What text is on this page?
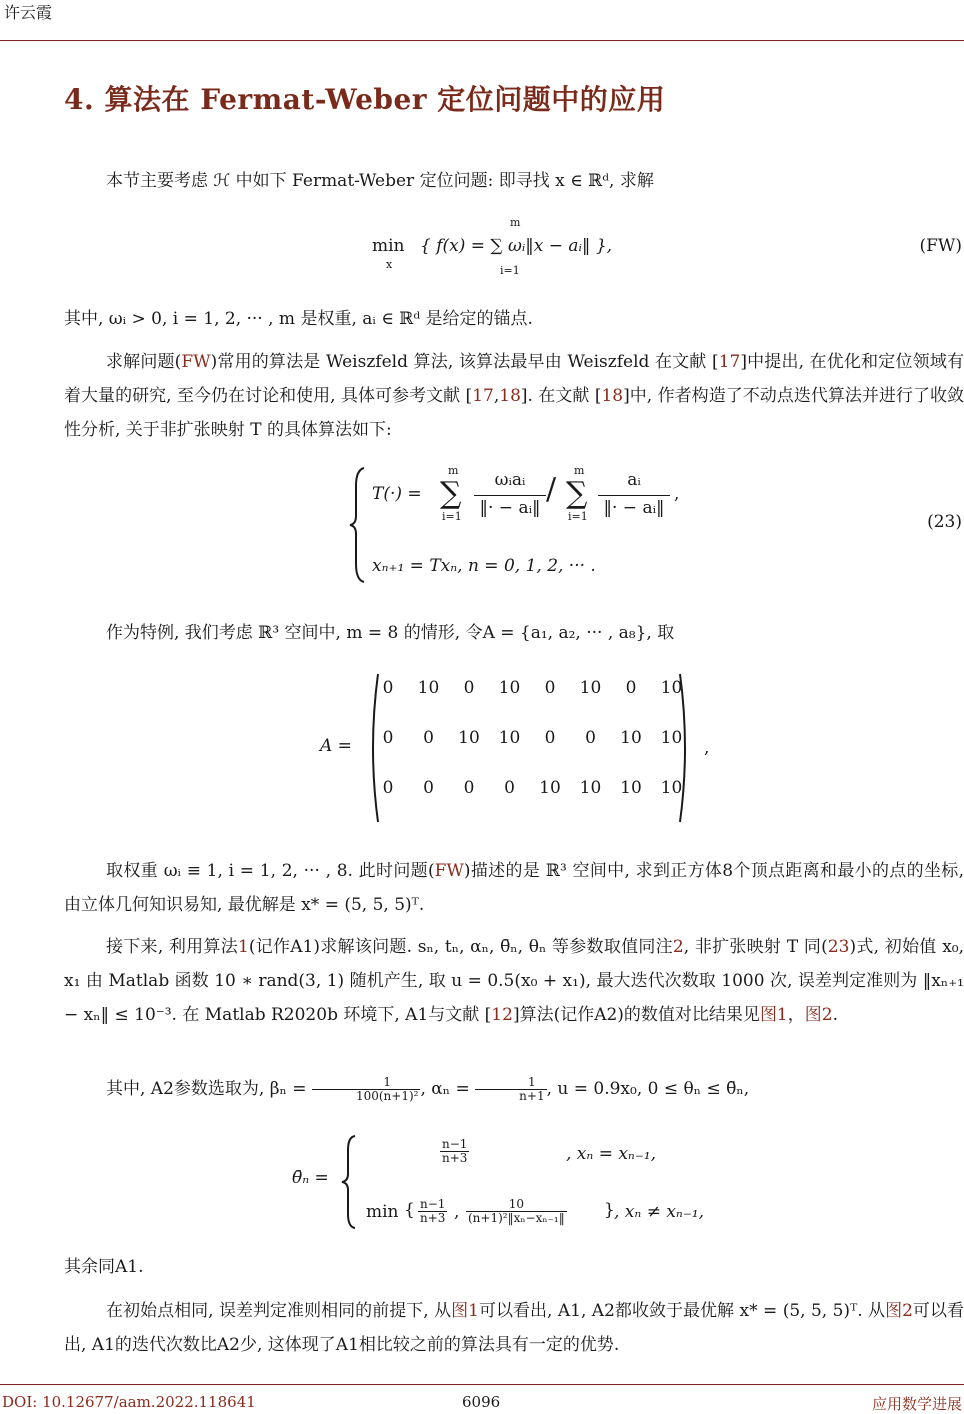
许云霞
4. 算法在 Fermat-Weber 定位问题中的应用
本节主要考虑 ℋ 中如下 Fermat-Weber 定位问题: 即寻找 x ∈ ℝᵈ, 求解
min
x
{ f(x) = ∑ ωᵢ‖x − aᵢ‖ },
m
i=1
(FW)
其中, ωᵢ > 0, i = 1, 2, ··· , m 是权重, aᵢ ∈ ℝᵈ 是给定的锚点.
求解问题(FW)常用的算法是 Weiszfeld 算法, 该算法最早由 Weiszfeld 在文献 [17]中提出, 在优化和定位领域有着大量的研究, 至今仍在讨论和使用, 具体可参考文献 [17,18]. 在文献 [18]中, 作者构造了不动点迭代算法并进行了收敛性分析, 关于非扩张映射 T 的具体算法如下:
T(·) = ∑
m
i=1
ωᵢaᵢ
‖· − aᵢ‖
∕ ∑
m
i=1
aᵢ
‖· − aᵢ‖
,
xₙ₊₁ = Txₙ, n = 0, 1, 2, ··· .
(23)
作为特例, 我们考虑 ℝ³ 空间中, m = 8 的情形, 令A = {a₁, a₂, ··· , a₈}, 取
A =
0	10	0	10	0	10	0	10
0	0	10	10	0	0	10	10
0	0	0	0	10	10	10	10
,
取权重 ωᵢ ≡ 1, i = 1, 2, ··· , 8. 此时问题(FW)描述的是 ℝ³ 空间中, 求到正方体8个顶点距离和最小的点的坐标, 由立体几何知识易知, 最优解是 x* = (5, 5, 5)ᵀ.
接下来, 利用算法1(记作A1)求解该问题. sₙ, tₙ, αₙ, θ̄ₙ, θₙ 等参数取值同注2, 非扩张映射 T 同(23)式, 初始值 x₀, x₁ 由 Matlab 函数 10 ∗ rand(3, 1) 随机产生, 取 u = 0.5(x₀ + x₁), 最大迭代次数取 1000 次, 误差判定准则为 ‖xₙ₊₁ − xₙ‖ ≤ 10⁻³. 在 Matlab R2020b 环境下, A1与文献 [12]算法(记作A2)的数值对比结果见图1，图2.
其中, A2参数选取为, $\beta_n = \frac{1}{\text{100(n+1)²}}$ , $\alpha_n = \frac{1}{n+1}$ , u = 0.9x₀, 0 ≤ θₙ ≤ θ̄ₙ,
θ̄ₙ =
$\frac{n-1}{n+3}$	, xₙ = xₙ₋₁,
min { $\frac{n-1}{n+3}$ , $\frac{10}{\text{(n+1)²‖xₙ−xₙ₋₁‖}}$ } , xₙ ≠ xₙ₋₁,
其余同A1.
在初始点相同, 误差判定准则相同的前提下, 从图1可以看出, A1, A2都收敛于最优解 x* = (5, 5, 5)ᵀ. 从图2可以看出, A1的迭代次数比A2少, 这体现了A1相比较之前的算法具有一定的优势.
DOI: 10.12677/aam.2022.118641	6096	应用数学进展
